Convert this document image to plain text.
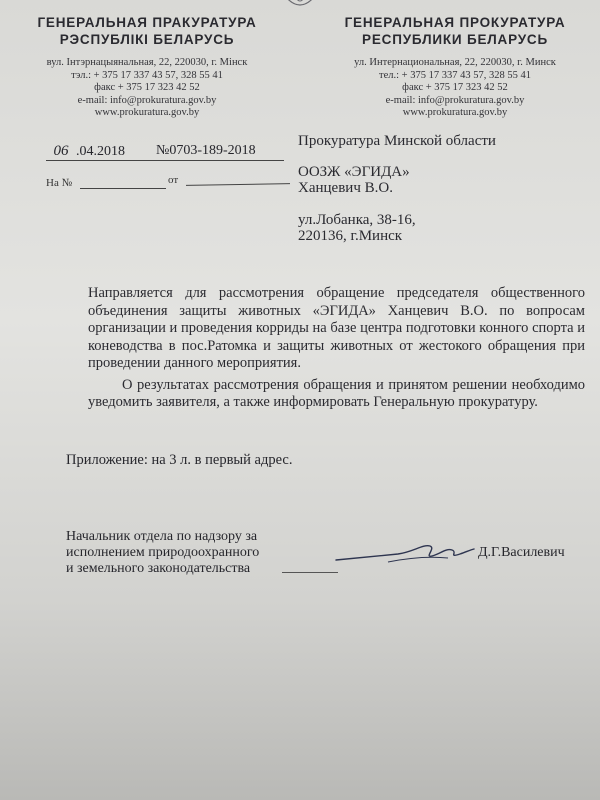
ГЕНЕРАЛЬНАЯ ПРАКУРАТУРА
РЭСПУБЛІКІ БЕЛАРУСЬ
вул. Інтэрнацыянальная, 22, 220030, г. Мінск
тэл.: + 375 17 337 43 57, 328 55 41
факс + 375 17 323 42 52
e-mail: info@prokuratura.gov.by
www.prokuratura.gov.by
ГЕНЕРАЛЬНАЯ ПРОКУРАТУРА
РЕСПУБЛИКИ БЕЛАРУСЬ
ул. Интернациональная, 22, 220030, г. Минск
тел.: + 375 17 337 43 57, 328 55 41
факс + 375 17 323 42 52
e-mail: info@prokuratura.gov.by
www.prokuratura.gov.by
06 .04.2018 №0703-189-2018
На №	от
Прокуратура Минской области
ООЗЖ «ЭГИДА»
Ханцевич В.О.
ул.Лобанка, 38-16,
220136, г.Минск

Направляется для рассмотрения обращение председателя общественного объединения защиты животных «ЭГИДА» Ханцевич В.О. по вопросам организации и проведения корриды на базе центра подготовки конного спорта и коневодства в пос.Ратомка и защиты животных от жестокого обращения при проведении данного мероприятия.

О результатах рассмотрения обращения и принятом решении необходимо уведомить заявителя, а также информировать Генеральную прокуратуру.

Приложение: на 3 л. в первый адрес.
Начальник отдела по надзору за
исполнением природоохранного
и земельного законодательства
Д.Г.Василевич
